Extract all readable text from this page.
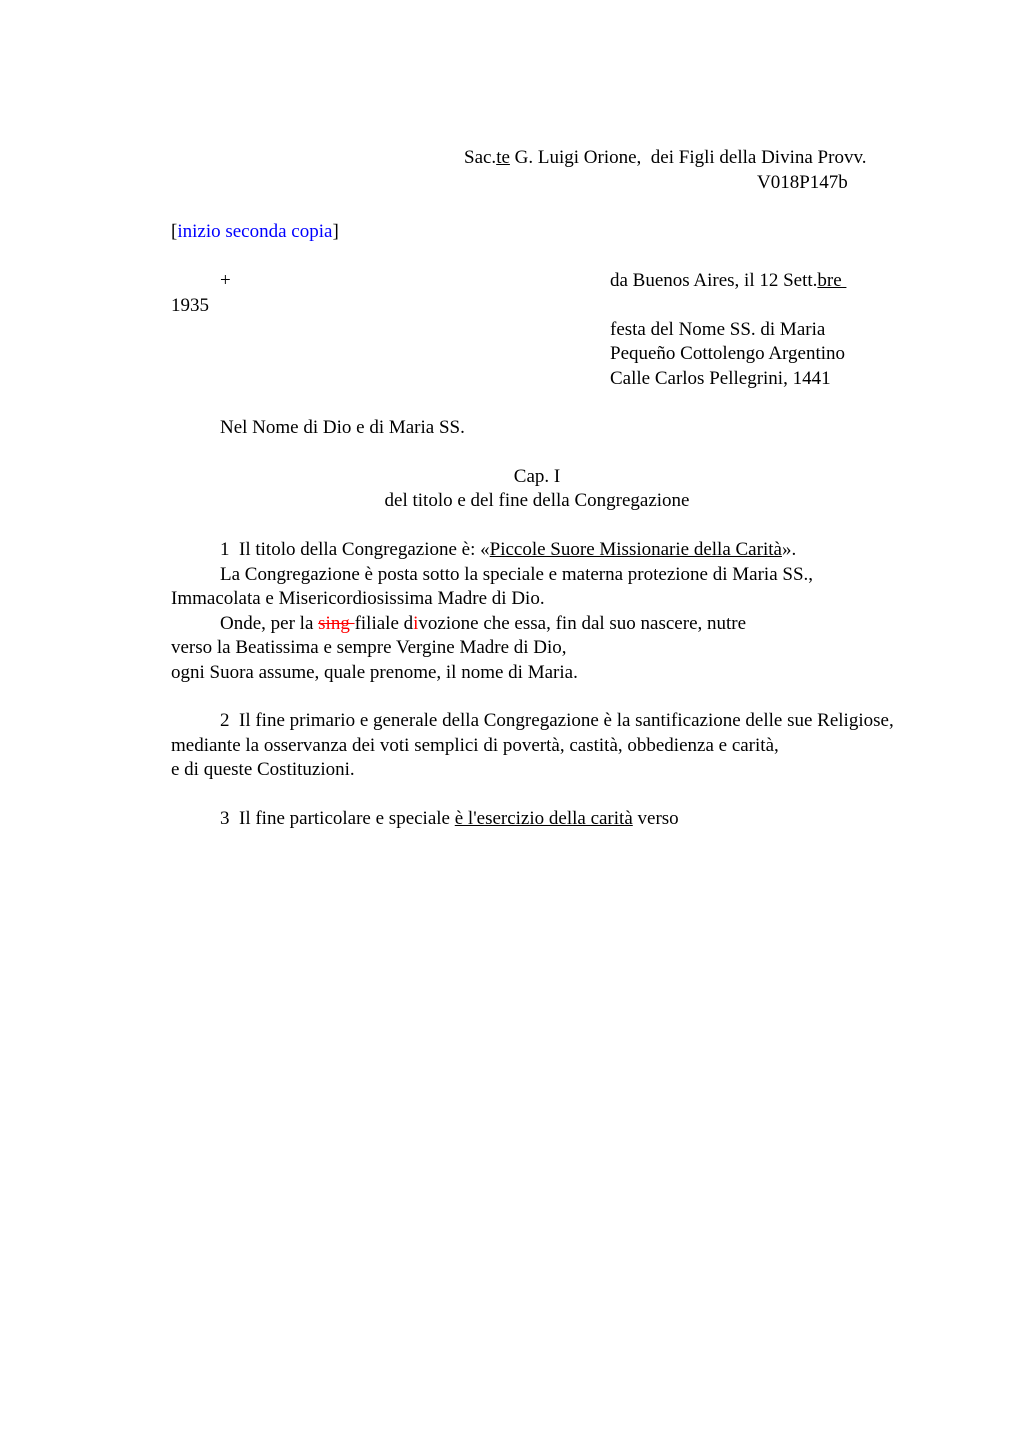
Sac.te G. Luigi Orione,  dei Figli della Divina Provv.
V018P147b
[inizio seconda copia]
+	da Buenos Aires, il 12 Sett.bre
1935
festa del Nome SS. di Maria
Pequeño Cottolengo Argentino
Calle Carlos Pellegrini, 1441
Nel Nome di Dio e di Maria SS.
Cap. I
del titolo e del fine della Congregazione
1  Il titolo della Congregazione è: «Piccole Suore Missionarie della Carità».
La Congregazione è posta sotto la speciale e materna protezione di Maria SS.,
Immacolata e Misericordiosissima Madre di Dio.
Onde, per la sing filiale divozione che essa, fin dal suo nascere, nutre
verso la Beatissima e sempre Vergine Madre di Dio,
ogni Suora assume, quale prenome, il nome di Maria.
2  Il fine primario e generale della Congregazione è la santificazione delle sue Religiose,
mediante la osservanza dei voti semplici di povertà, castità, obbedienza e carità,
e di queste Costituzioni.
3  Il fine particolare e speciale è l'esercizio della carità verso
